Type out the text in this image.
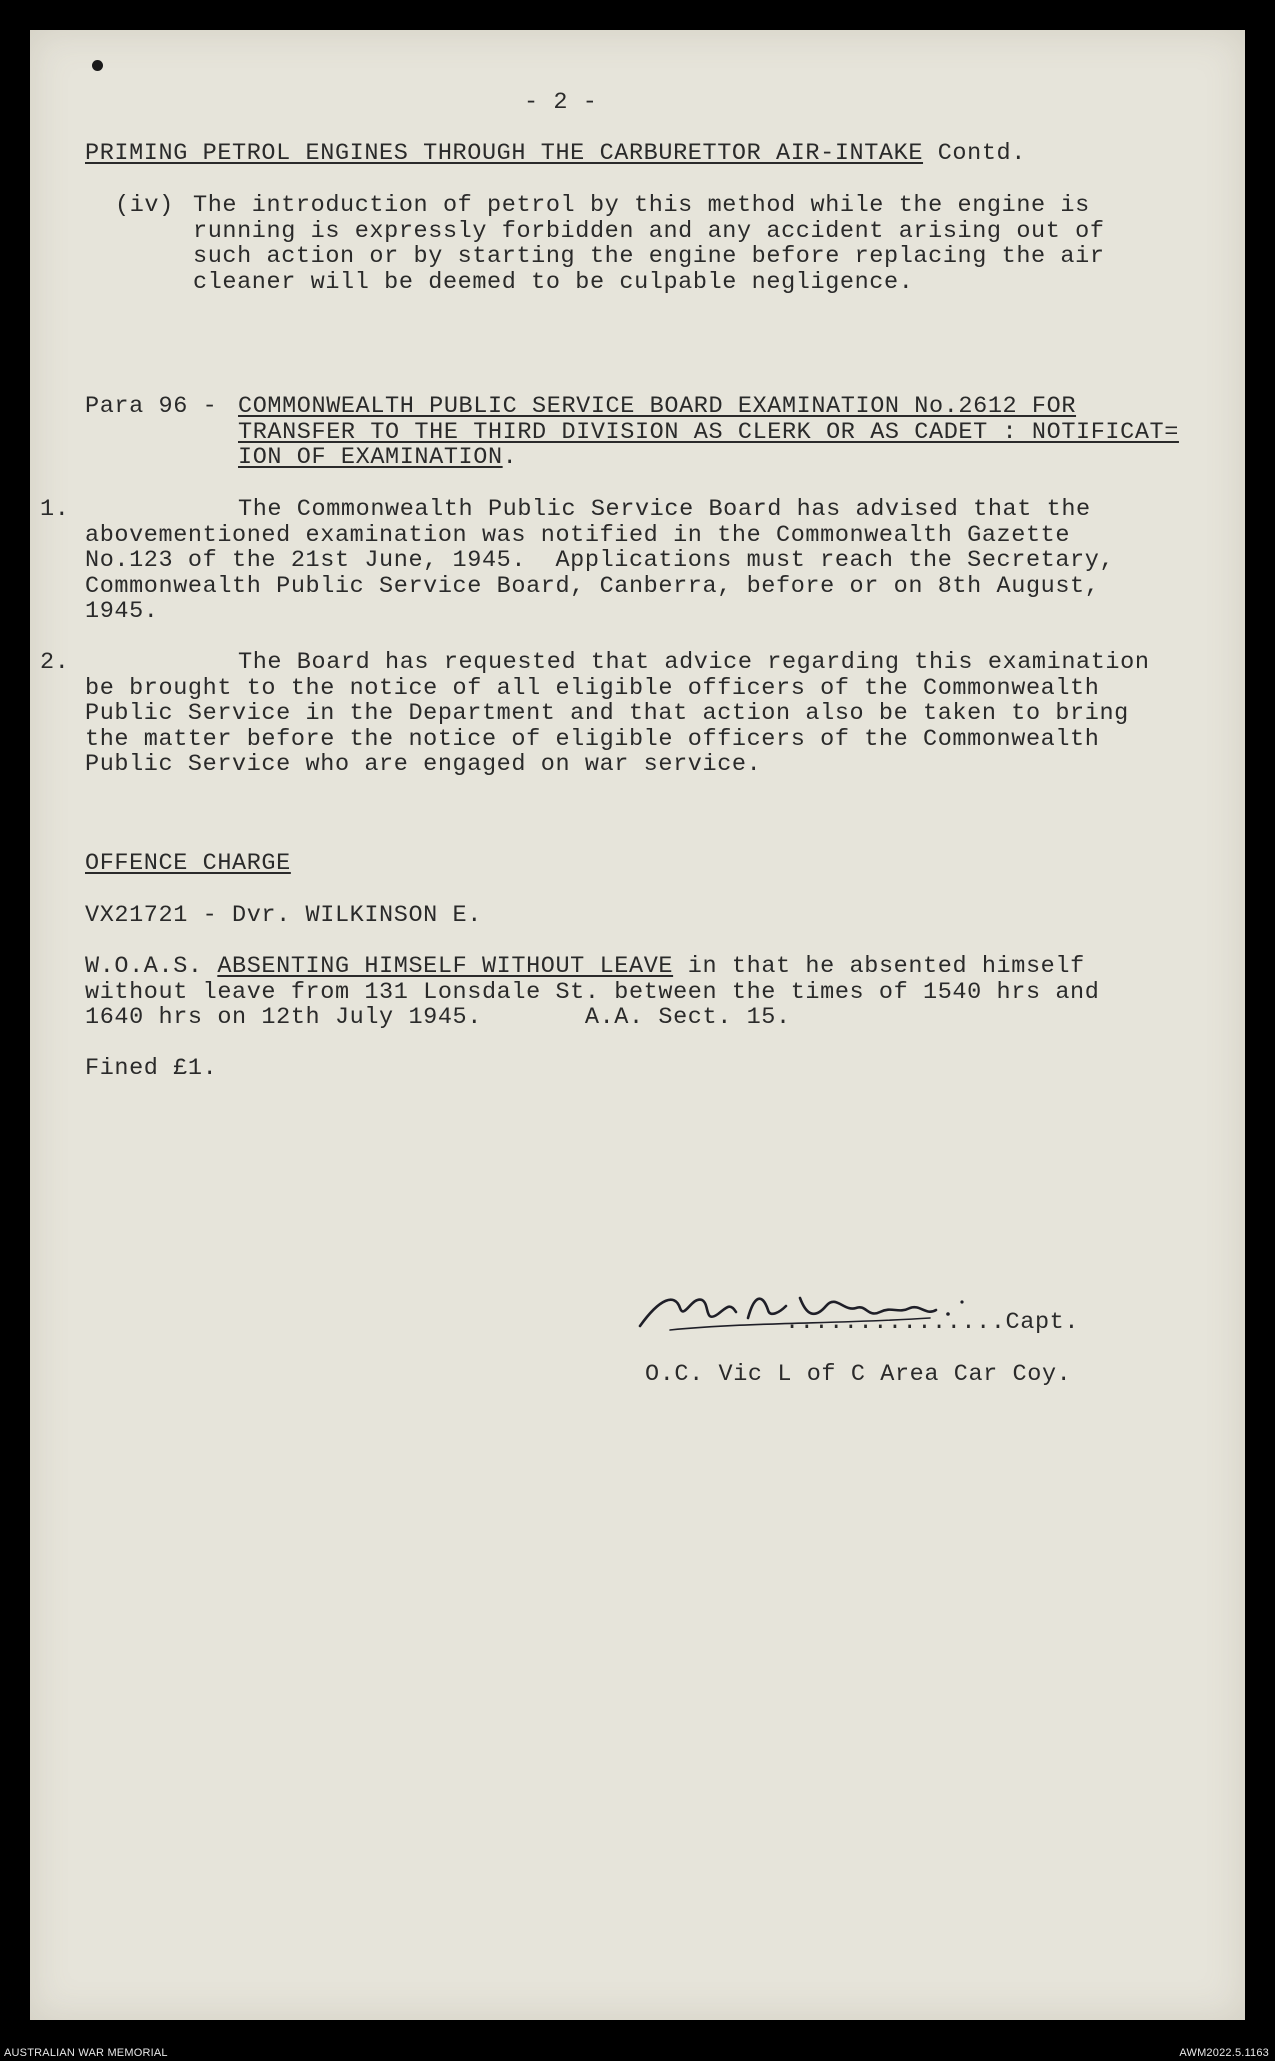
- 2 -
PRIMING PETROL ENGINES THROUGH THE CARBURETTOR AIR-INTAKE Contd.
(iv) The introduction of petrol by this method while the engine is
running is expressly forbidden and any accident arising out of
such action or by starting the engine before replacing the air
cleaner will be deemed to be culpable negligence.
Para 96 - COMMONWEALTH PUBLIC SERVICE BOARD EXAMINATION No.2612 FOR
TRANSFER TO THE THIRD DIVISION AS CLERK OR AS CADET : NOTIFICAT=
ION OF EXAMINATION.
1.	The Commonwealth Public Service Board has advised that the
abovementioned examination was notified in the Commonwealth Gazette
No.123 of the 21st June, 1945.  Applications must reach the Secretary,
Commonwealth Public Service Board, Canberra, before or on 8th August,
1945.
2.	The Board has requested that advice regarding this examination
be brought to the notice of all eligible officers of the Commonwealth
Public Service in the Department and that action also be taken to bring
the matter before the notice of eligible officers of the Commonwealth
Public Service who are engaged on war service.
OFFENCE CHARGE
VX21721 - Dvr. WILKINSON E.
W.O.A.S. ABSENTING HIMSELF WITHOUT LEAVE in that he absented himself
without leave from 131 Lonsdale St. between the times of 1540 hrs and
1640 hrs on 12th July 1945.       A.A. Sect. 15.
Fined £1.
...............Capt.
O.C. Vic L of C Area Car Coy.
AUSTRALIAN WAR MEMORIAL	AWM2022.5.1163
